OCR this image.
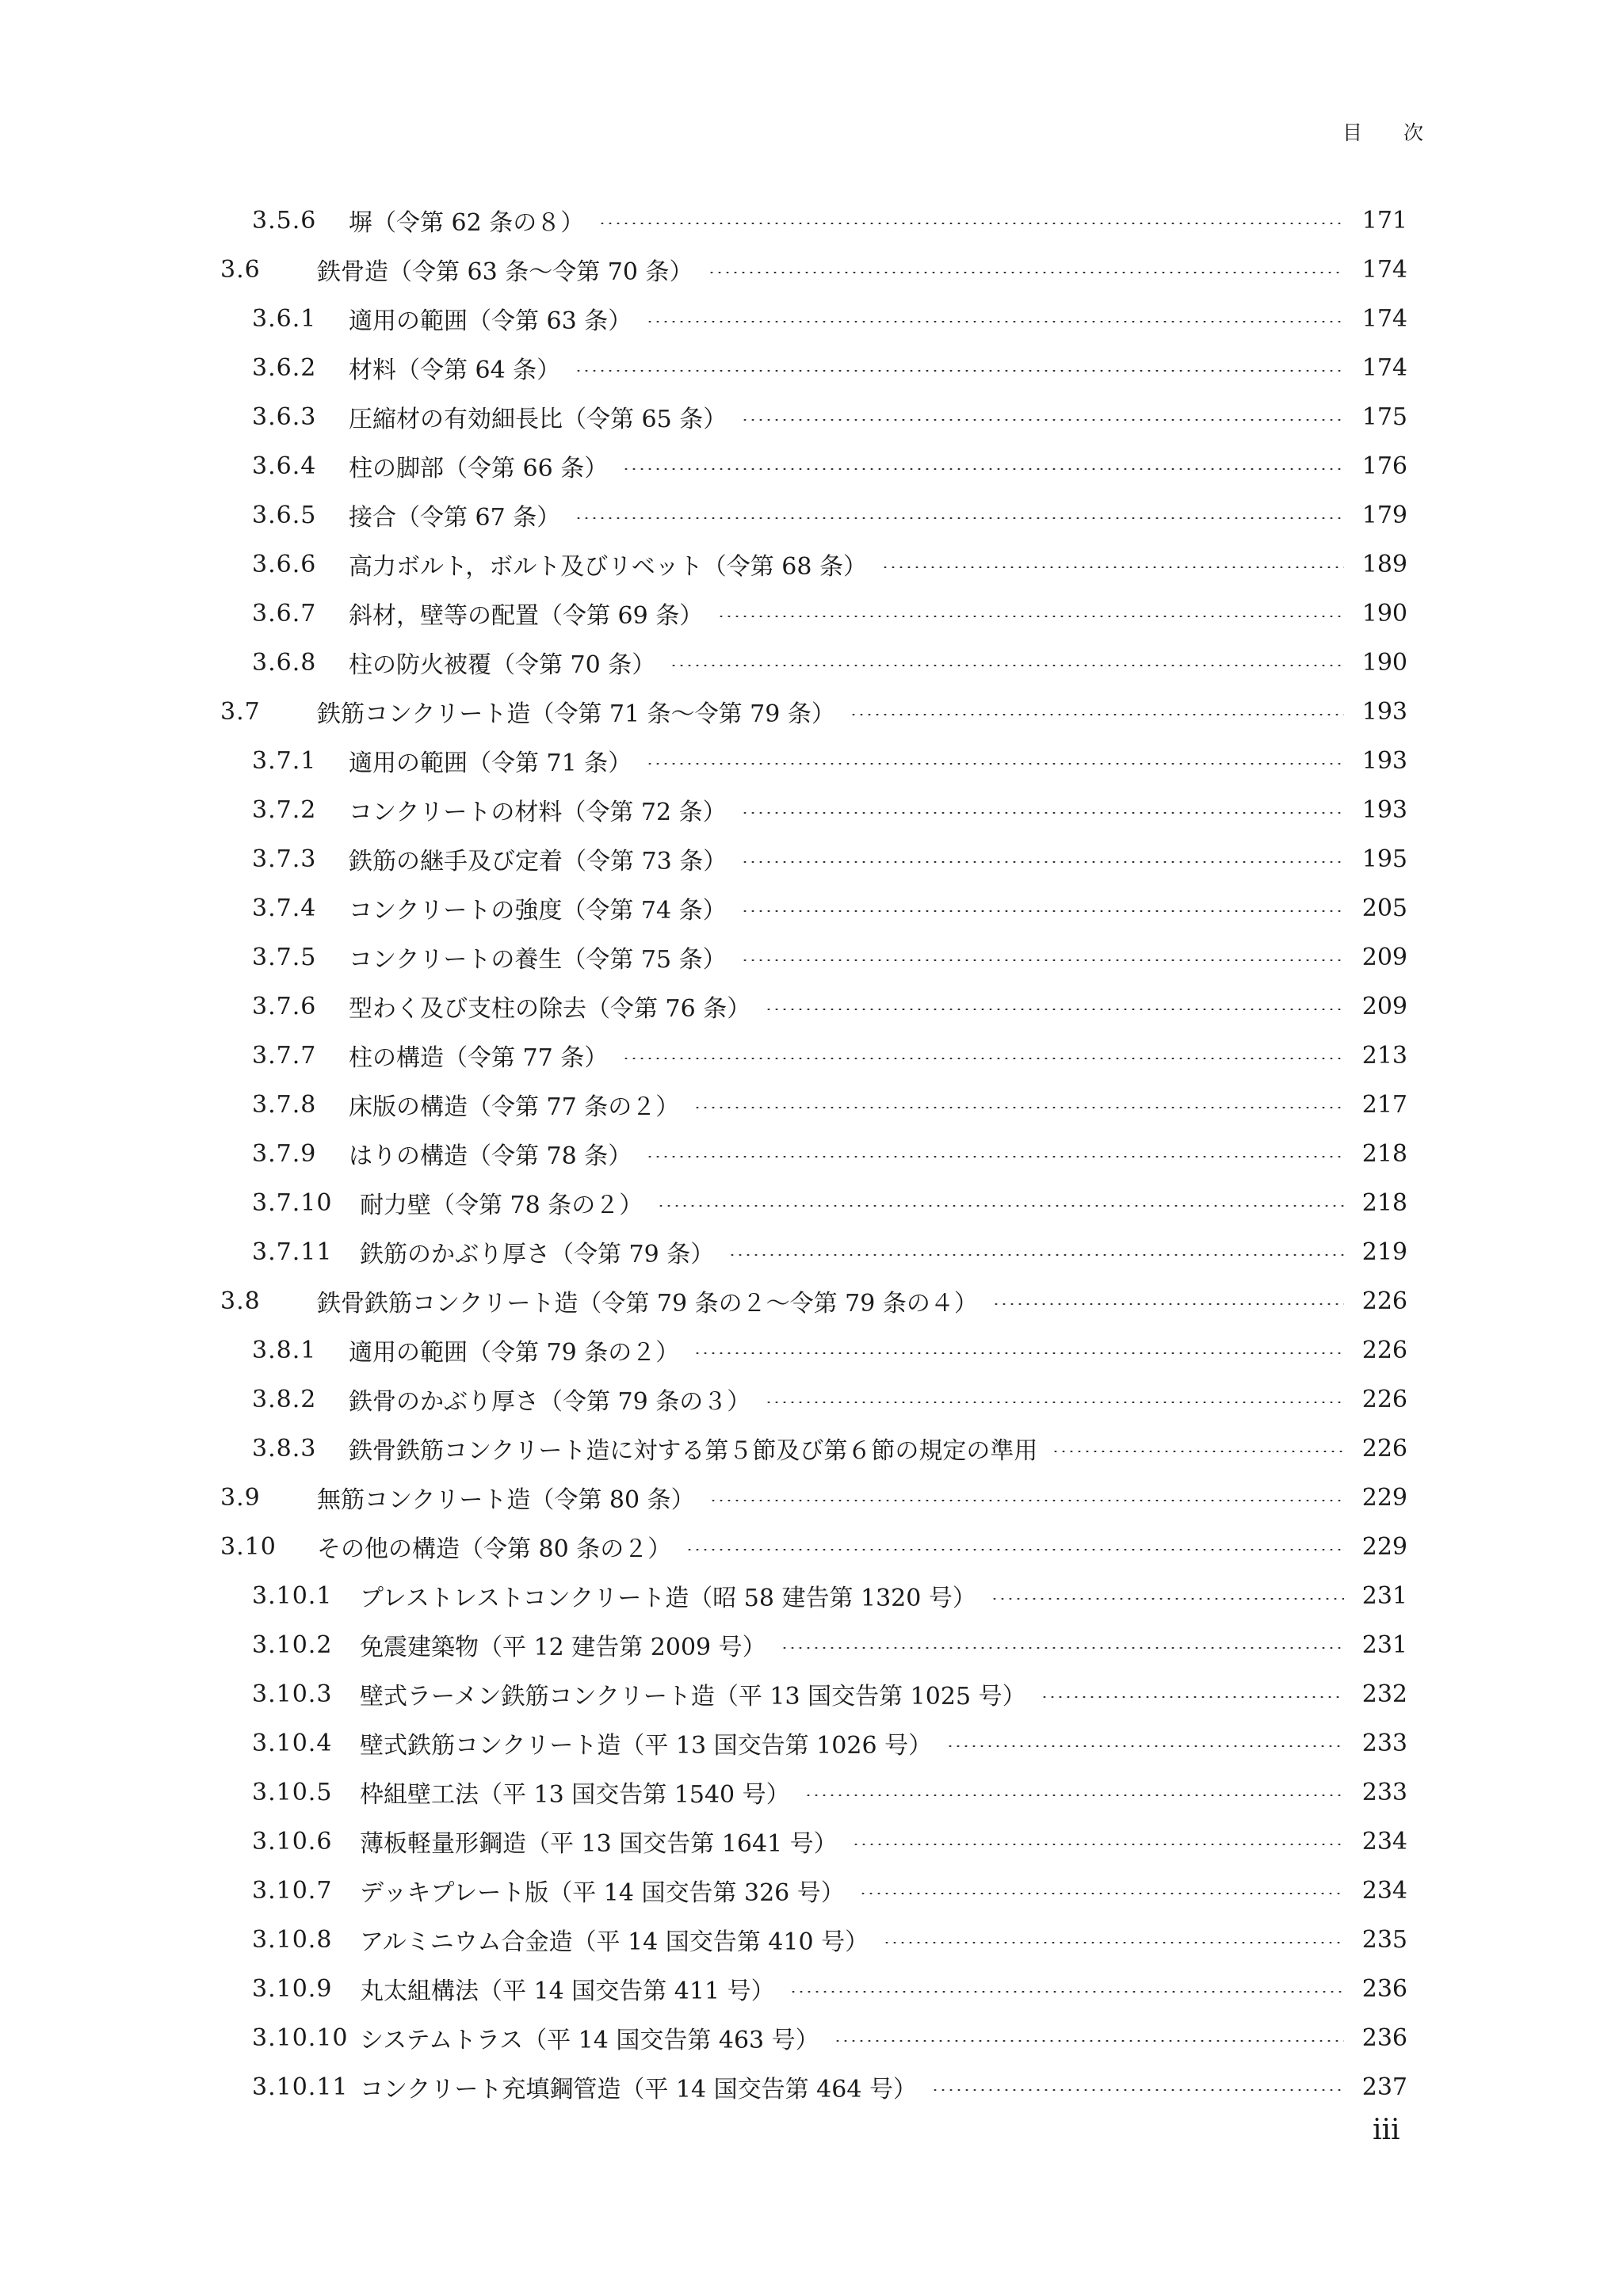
目 次
3.5.6	塀（令第 62 条の８）	171
3.6	鉄骨造（令第 63 条～令第 70 条）	174
3.6.1	適用の範囲（令第 63 条）	174
3.6.2	材料（令第 64 条）	174
3.6.3	圧縮材の有効細長比（令第 65 条）	175
3.6.4	柱の脚部（令第 66 条）	176
3.6.5	接合（令第 67 条）	179
3.6.6	高力ボルト，ボルト及びリベット（令第 68 条）	189
3.6.7	斜材，壁等の配置（令第 69 条）	190
3.6.8	柱の防火被覆（令第 70 条）	190
3.7	鉄筋コンクリート造（令第 71 条～令第 79 条）	193
3.7.1	適用の範囲（令第 71 条）	193
3.7.2	コンクリートの材料（令第 72 条）	193
3.7.3	鉄筋の継手及び定着（令第 73 条）	195
3.7.4	コンクリートの強度（令第 74 条）	205
3.7.5	コンクリートの養生（令第 75 条）	209
3.7.6	型わく及び支柱の除去（令第 76 条）	209
3.7.7	柱の構造（令第 77 条）	213
3.7.8	床版の構造（令第 77 条の２）	217
3.7.9	はりの構造（令第 78 条）	218
3.7.10	耐力壁（令第 78 条の２）	218
3.7.11	鉄筋のかぶり厚さ（令第 79 条）	219
3.8	鉄骨鉄筋コンクリート造（令第 79 条の２～令第 79 条の４）	226
3.8.1	適用の範囲（令第 79 条の２）	226
3.8.2	鉄骨のかぶり厚さ（令第 79 条の３）	226
3.8.3	鉄骨鉄筋コンクリート造に対する第５節及び第６節の規定の準用	226
3.9	無筋コンクリート造（令第 80 条）	229
3.10	その他の構造（令第 80 条の２）	229
3.10.1	プレストレストコンクリート造（昭 58 建告第 1320 号）	231
3.10.2	免震建築物（平 12 建告第 2009 号）	231
3.10.3	壁式ラーメン鉄筋コンクリート造（平 13 国交告第 1025 号）	232
3.10.4	壁式鉄筋コンクリート造（平 13 国交告第 1026 号）	233
3.10.5	枠組壁工法（平 13 国交告第 1540 号）	233
3.10.6	薄板軽量形鋼造（平 13 国交告第 1641 号）	234
3.10.7	デッキプレート版（平 14 国交告第 326 号）	234
3.10.8	アルミニウム合金造（平 14 国交告第 410 号）	235
3.10.9	丸太組構法（平 14 国交告第 411 号）	236
3.10.10 システムトラス（平 14 国交告第 463 号）	236
3.10.11 コンクリート充填鋼管造（平 14 国交告第 464 号）	237
iii
